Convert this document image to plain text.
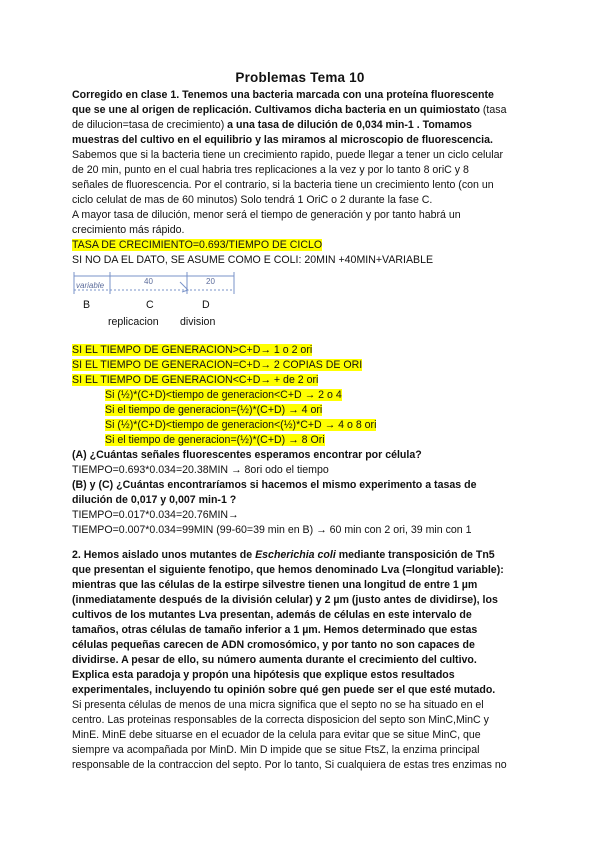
Problemas Tema 10
Corregido en clase 1. Tenemos una bacteria marcada con una proteína fluorescente
que se une al origen de replicación. Cultivamos dicha bacteria en un quimiostato (tasa
de dilucion=tasa de crecimiento) a una tasa de dilución de 0,034 min-1 . Tomamos
muestras del cultivo en el equilibrio y las miramos al microscopio de fluorescencia.
Sabemos que si la bacteria tiene un crecimiento rapido, puede llegar a tener un ciclo celular
de 20 min, punto en el cual habria tres replicaciones a la vez y por lo tanto 8 oriC y 8
señales de fluorescencia. Por el contrario, si la bacteria tiene un crecimiento lento (con un
ciclo celulat de mas de 60 minutos) Solo tendrá 1 OriC o 2 durante la fase C.
A mayor tasa de dilución, menor será el tiempo de generación y por tanto habrá un
crecimiento más rápido.
TASA DE CRECIMIENTO=0.693/TIEMPO DE CICLO
SI NO DA EL DATO, SE ASUME COMO E COLI: 20MIN +40MIN+VARIABLE
variable	40	20
B	C	D
replicacion division
SI EL TIEMPO DE GENERACION>C+D→ 1 o 2 ori
SI EL TIEMPO DE GENERACION=C+D→ 2 COPIAS DE ORI
SI EL TIEMPO DE GENERACION<C+D→ + de 2 ori
Si (½)*(C+D)<tiempo de generacion<C+D → 2 o 4
Si el tiempo de generacion=(½)*(C+D) → 4 ori
Si (½)*(C+D)<tiempo de generacion<(½)*C+D → 4 o 8 ori
Si el tiempo de generacion=(½)*(C+D) → 8 Ori
(A) ¿Cuántas señales fluorescentes esperamos encontrar por célula?
TIEMPO=0.693*0.034=20.38MIN → 8ori odo el tiempo
(B) y (C) ¿Cuántas encontraríamos si hacemos el mismo experimento a tasas de
dilución de 0,017 y 0,007 min-1 ?
TIEMPO=0.017*0.034=20.76MIN→
TIEMPO=0.007*0.034=99MIN (99-60=39 min en B) → 60 min con 2 ori, 39 min con 1
2. Hemos aislado unos mutantes de Escherichia coli mediante transposición de Tn5
que presentan el siguiente fenotipo, que hemos denominado Lva (=longitud variable):
mientras que las células de la estirpe silvestre tienen una longitud de entre 1 µm
(inmediatamente después de la división celular) y 2 µm (justo antes de dividirse), los
cultivos de los mutantes Lva presentan, además de células en este intervalo de
tamaños, otras células de tamaño inferior a 1 µm. Hemos determinado que estas
células pequeñas carecen de ADN cromosómico, y por tanto no son capaces de
dividirse. A pesar de ello, su número aumenta durante el crecimiento del cultivo.
Explica esta paradoja y propón una hipótesis que explique estos resultados
experimentales, incluyendo tu opinión sobre qué gen puede ser el que esté mutado.
Si presenta células de menos de una micra significa que el septo no se ha situado en el
centro. Las proteinas responsables de la correcta disposicion del septo son MinC,MinC y
MinE. MinE debe situarse en el ecuador de la celula para evitar que se situe MinC, que
siempre va acompañada por MinD. Min D impide que se situe FtsZ, la enzima principal
responsable de la contraccion del septo. Por lo tanto, Si cualquiera de estas tres enzimas no
